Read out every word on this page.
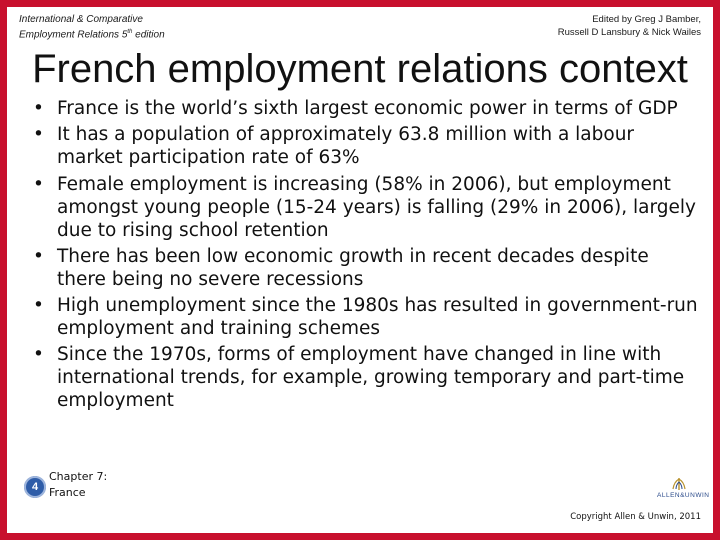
International & Comparative
Employment Relations 5th edition
Edited by Greg J Bamber,
Russell D Lansbury & Nick Wailes
French employment relations context
• France is the world’s sixth largest economic power in terms of GDP
• It has a population of approximately 63.8 million with a labour market participation rate of 63%
• Female employment is increasing (58% in 2006), but employment amongst young people (15-24 years) is falling (29% in 2006), largely due to rising school retention
• There has been low economic growth in recent decades despite there being no severe recessions
• High unemployment since the 1980s has resulted in government-run employment and training schemes
• Since the 1970s, forms of employment have changed in line with international trends, for example, growing temporary and part-time employment
4
Chapter 7:
France	ALLEN&UNWIN
Copyright Allen & Unwin, 2011
